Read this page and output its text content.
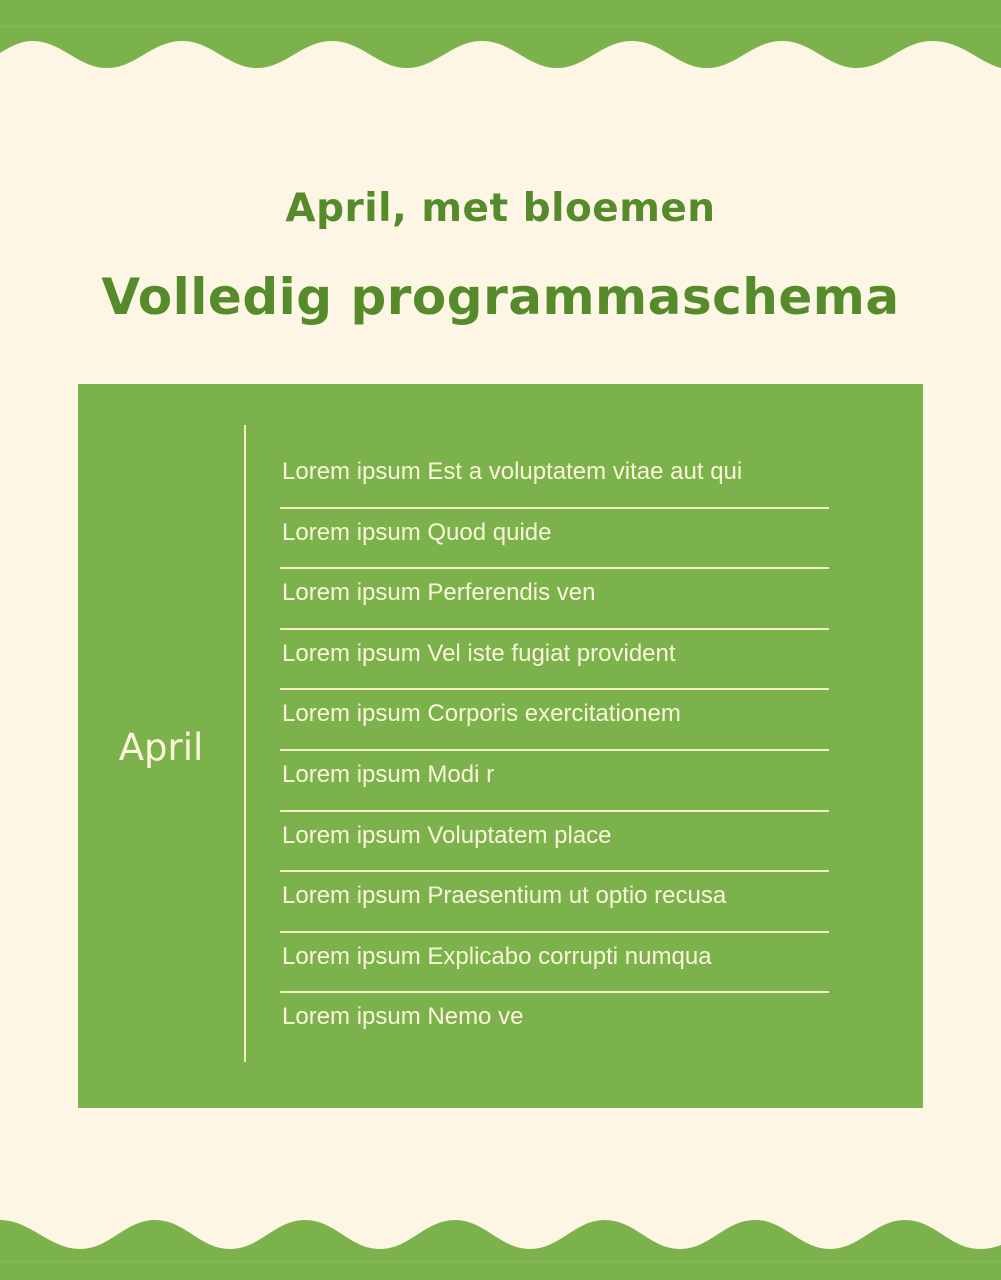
April, met bloemen
Volledig programmaschema
April
Lorem ipsum Est a voluptatem vitae aut qui
Lorem ipsum Quod quide
Lorem ipsum Perferendis ven
Lorem ipsum Vel iste fugiat provident
Lorem ipsum Corporis exercitationem
Lorem ipsum Modi r
Lorem ipsum Voluptatem place
Lorem ipsum Praesentium ut optio recusa
Lorem ipsum Explicabo corrupti numqua
Lorem ipsum Nemo ve
